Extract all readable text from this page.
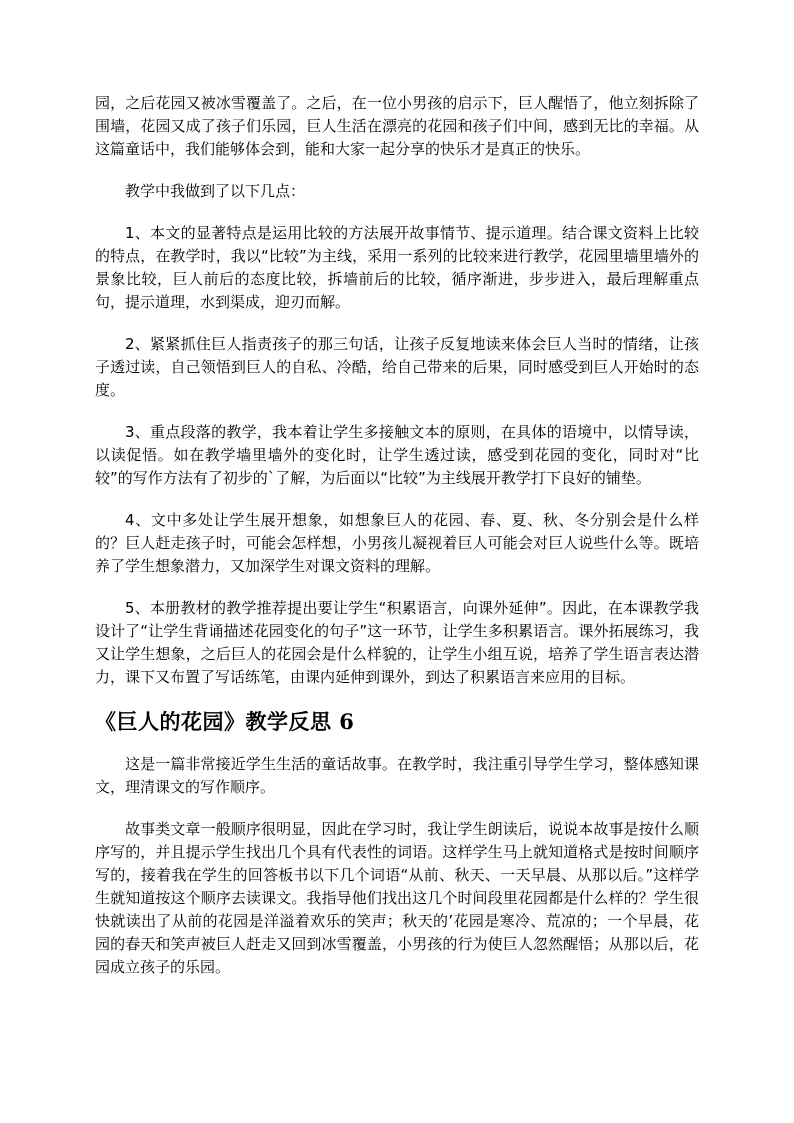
园，之后花园又被冰雪覆盖了。之后，在一位小男孩的启示下，巨人醒悟了，他立刻拆除了围墙，花园又成了孩子们乐园，巨人生活在漂亮的花园和孩子们中间，感到无比的幸福。从这篇童话中，我们能够体会到，能和大家一起分享的快乐才是真正的快乐。

教学中我做到了以下几点：

1、本文的显著特点是运用比较的方法展开故事情节、提示道理。结合课文资料上比较的特点，在教学时，我以“比较”为主线，采用一系列的比较来进行教学，花园里墙里墙外的景象比较，巨人前后的态度比较，拆墙前后的比较，循序渐进，步步进入，最后理解重点句，提示道理，水到渠成，迎刃而解。

2、紧紧抓住巨人指责孩子的那三句话，让孩子反复地读来体会巨人当时的情绪，让孩子透过读，自己领悟到巨人的自私、冷酷，给自己带来的后果，同时感受到巨人开始时的态度。

3、重点段落的教学，我本着让学生多接触文本的原则，在具体的语境中，以情导读，以读促悟。如在教学墙里墙外的变化时，让学生透过读，感受到花园的变化，同时对“比较”的写作方法有了初步的`了解，为后面以“比较”为主线展开教学打下良好的铺垫。

4、文中多处让学生展开想象，如想象巨人的花园、春、夏、秋、冬分别会是什么样的？巨人赶走孩子时，可能会怎样想，小男孩儿凝视着巨人可能会对巨人说些什么等。既培养了学生想象潜力，又加深学生对课文资料的理解。

5、本册教材的教学推荐提出要让学生“积累语言，向课外延伸”。因此，在本课教学我设计了“让学生背诵描述花园变化的句子”这一环节，让学生多积累语言。课外拓展练习，我又让学生想象，之后巨人的花园会是什么样貌的，让学生小组互说，培养了学生语言表达潜力，课下又布置了写话练笔，由课内延伸到课外，到达了积累语言来应用的目标。

《巨人的花园》教学反思 6

这是一篇非常接近学生生活的童话故事。在教学时，我注重引导学生学习，整体感知课文，理清课文的写作顺序。

故事类文章一般顺序很明显，因此在学习时，我让学生朗读后，说说本故事是按什么顺序写的，并且提示学生找出几个具有代表性的词语。这样学生马上就知道格式是按时间顺序写的，接着我在学生的回答板书以下几个词语“从前、秋天、一天早晨、从那以后。”这样学生就知道按这个顺序去读课文。我指导他们找出这几个时间段里花园都是什么样的？学生很快就读出了从前的花园是洋溢着欢乐的笑声；秋天的’花园是寒冷、荒凉的；一个早晨，花园的春天和笑声被巨人赶走又回到冰雪覆盖，小男孩的行为使巨人忽然醒悟；从那以后，花园成立孩子的乐园。
